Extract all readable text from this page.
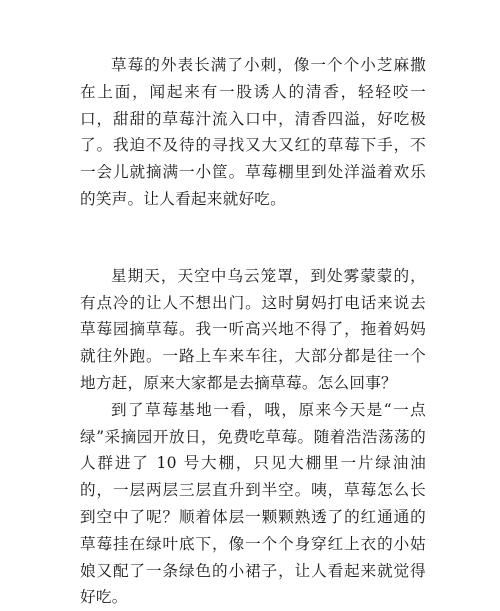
草莓的外表长满了小刺，像一个个小芝麻撒在上面，闻起来有一股诱人的清香，轻轻咬一口，甜甜的草莓汁流入口中，清香四溢，好吃极了。我迫不及待的寻找又大又红的草莓下手，不一会儿就摘满一小筐。草莓棚里到处洋溢着欢乐的笑声。让人看起来就好吃。

星期天，天空中乌云笼罩，到处雾蒙蒙的，有点冷的让人不想出门。这时舅妈打电话来说去草莓园摘草莓。我一听高兴地不得了，拖着妈妈就往外跑。一路上车来车往，大部分都是往一个地方赶，原来大家都是去摘草莓。怎么回事？

到了草莓基地一看，哦，原来今天是“一点绿”采摘园开放日，免费吃草莓。随着浩浩荡荡的人群进了 10 号大棚，只见大棚里一片绿油油的，一层两层三层直升到半空。咦，草莓怎么长到空中了呢？顺着体层一颗颗熟透了的红通通的草莓挂在绿叶底下，像一个个身穿红上衣的小姑娘又配了一条绿色的小裙子，让人看起来就觉得好吃。
